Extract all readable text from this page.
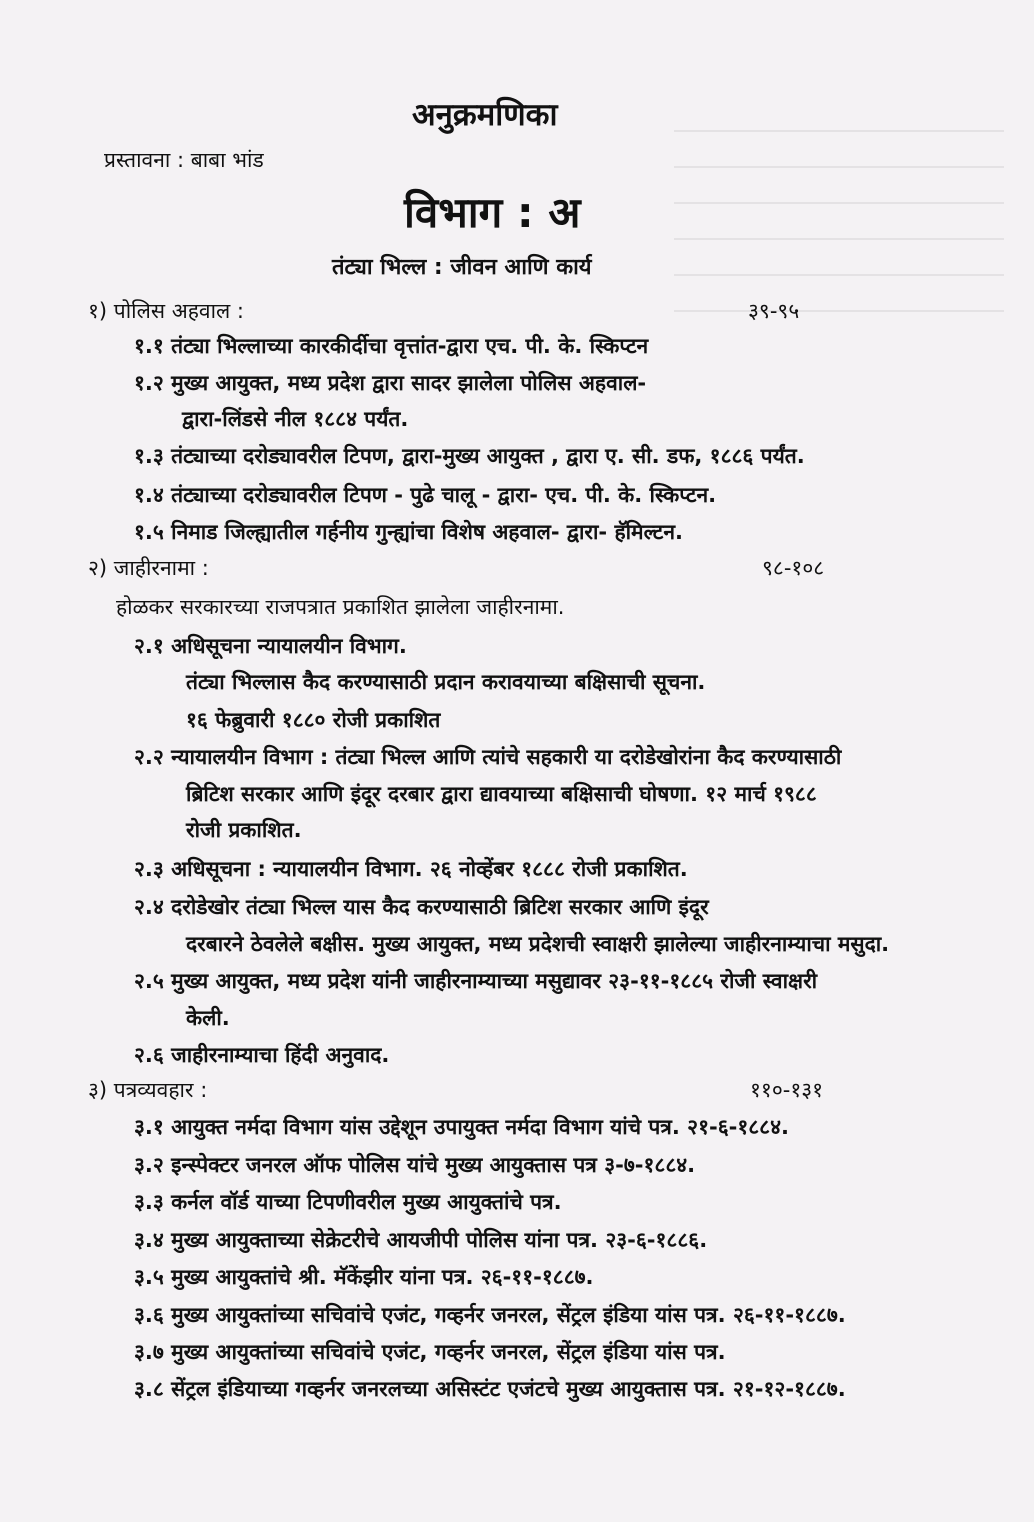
अनुक्रमणिका
प्रस्तावना : बाबा भांड
विभाग : अ
तंट्या भिल्ल : जीवन आणि कार्य
१) पोलिस अहवाल :	३९-९५
१.१ तंट्या भिल्लाच्या कारकीर्दीचा वृत्तांत-द्वारा एच. पी. के. स्किप्टन
१.२ मुख्य आयुक्त, मध्य प्रदेश द्वारा सादर झालेला पोलिस अहवाल-
द्वारा-लिंडसे नील १८८४ पर्यंत.
१.३ तंट्याच्या दरोड्यावरील टिपण, द्वारा-मुख्य आयुक्त , द्वारा ए. सी. डफ, १८८६ पर्यंत.
१.४ तंट्याच्या दरोड्यावरील टिपण - पुढे चालू - द्वारा- एच. पी. के. स्किप्टन.
१.५ निमाड जिल्ह्यातील गर्हनीय गुन्ह्यांचा विशेष अहवाल- द्वारा- हॅमिल्टन.
२) जाहीरनामा :	९८-१०८
होळकर सरकारच्या राजपत्रात प्रकाशित झालेला जाहीरनामा.
२.१ अधिसूचना न्यायालयीन विभाग.
तंट्या भिल्लास कैद करण्यासाठी प्रदान करावयाच्या बक्षिसाची सूचना.
१६ फेब्रुवारी १८८० रोजी प्रकाशित
२.२ न्यायालयीन विभाग : तंट्या भिल्ल आणि त्यांचे सहकारी या दरोडेखोरांना कैद करण्यासाठी
ब्रिटिश सरकार आणि इंदूर दरबार द्वारा द्यावयाच्या बक्षिसाची घोषणा. १२ मार्च १९८८
रोजी प्रकाशित.
२.३ अधिसूचना : न्यायालयीन विभाग. २६ नोव्हेंबर १८८८ रोजी प्रकाशित.
२.४ दरोडेखोर तंट्या भिल्ल यास कैद करण्यासाठी ब्रिटिश सरकार आणि इंदूर
दरबारने ठेवलेले बक्षीस. मुख्य आयुक्त, मध्य प्रदेशची स्वाक्षरी झालेल्या जाहीरनाम्याचा मसुदा.
२.५ मुख्य आयुक्त, मध्य प्रदेश यांनी जाहीरनाम्याच्या मसुद्यावर २३-११-१८८५ रोजी स्वाक्षरी
केली.
२.६ जाहीरनाम्याचा हिंदी अनुवाद.
३) पत्रव्यवहार :	११०-१३१
३.१ आयुक्त नर्मदा विभाग यांस उद्देशून उपायुक्त नर्मदा विभाग यांचे पत्र. २१-६-१८८४.
३.२ इन्स्पेक्टर जनरल ऑफ पोलिस यांचे मुख्य आयुक्तास पत्र ३-७-१८८४.
३.३ कर्नल वॉर्ड याच्या टिपणीवरील मुख्य आयुक्तांचे पत्र.
३.४ मुख्य आयुक्ताच्या सेक्रेटरीचे आयजीपी पोलिस यांना पत्र. २३-६-१८८६.
३.५ मुख्य आयुक्तांचे श्री. मॅकेंझीर यांना पत्र. २६-११-१८८७.
३.६ मुख्य आयुक्तांच्या सचिवांचे एजंट, गव्हर्नर जनरल, सेंट्रल इंडिया यांस पत्र. २६-११-१८८७.
३.७ मुख्य आयुक्तांच्या सचिवांचे एजंट, गव्हर्नर जनरल, सेंट्रल इंडिया यांस पत्र.
३.८ सेंट्रल इंडियाच्या गव्हर्नर जनरलच्या असिस्टंट एजंटचे मुख्य आयुक्तास पत्र. २१-१२-१८८७.
